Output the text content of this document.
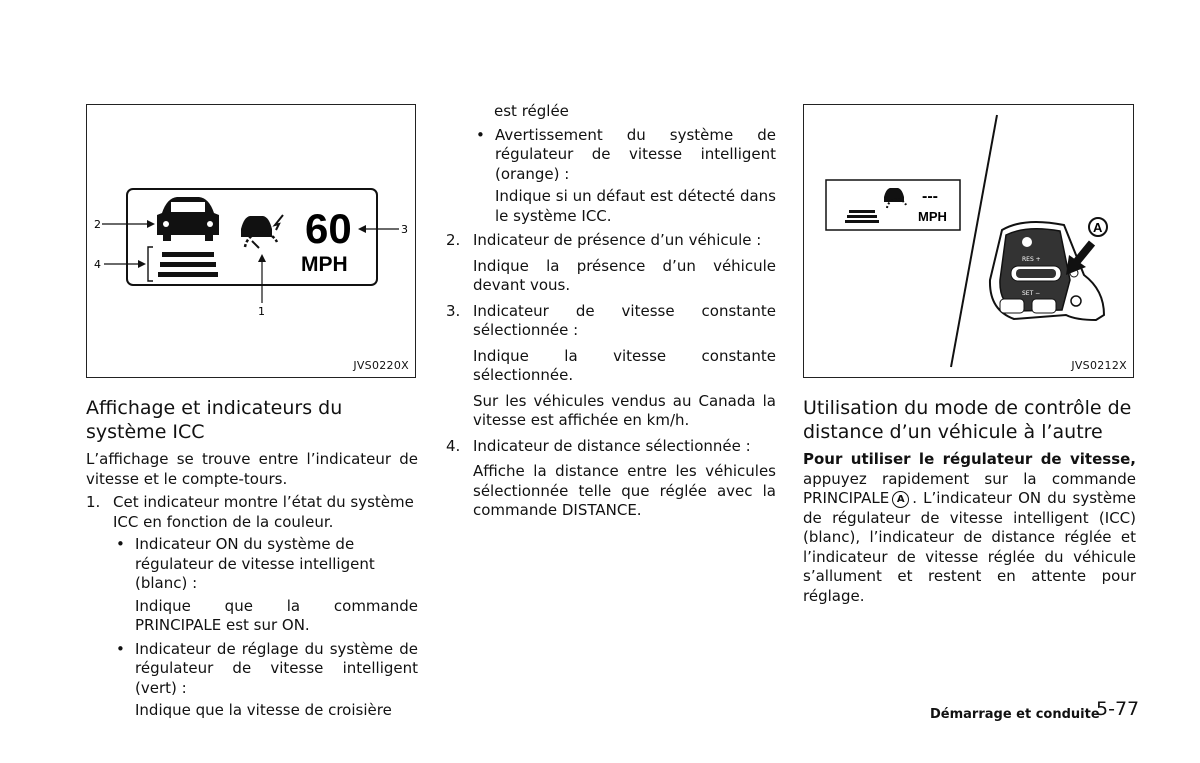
60
MPH
2	3
1
4
JVS0220X
Affichage et indicateurs du système ICC

L’affichage se trouve entre l’indicateur de vitesse et le compte-tours.

1. Cet indicateur montre l’état du système ICC en fonction de la couleur.
• Indicateur ON du système de régulateur de vitesse intelligent (blanc) :

Indique que la commande PRINCIPALE est sur ON.

• Indicateur de réglage du système de régulateur de vitesse intelligent (vert) :

Indique que la vitesse de croisière

est réglée

• Avertissement du système de régulateur de vitesse intelligent (orange) :

Indique si un défaut est détecté dans le système ICC.

2. Indicateur de présence d’un véhicule :

Indique la présence d’un véhicule devant vous.

3. Indicateur de vitesse constante sélectionnée :

Indique la vitesse constante sélectionnée.

Sur les véhicules vendus au Canada la vitesse est affichée en km/h.

4. Indicateur de distance sélectionnée :

Affiche la distance entre les véhicules sélectionnée telle que réglée avec la commande DISTANCE.

---
MPH
RES +
SET −
A
JVS0212X
Utilisation du mode de contrôle de distance d’un véhicule à l’autre

Pour utiliser le régulateur de vitesse, appuyez rapidement sur la commande PRINCIPALE A . L’indicateur ON du système de régulateur de vitesse intelligent (ICC) (blanc), l’indicateur de distance réglée et l’indicateur de vitesse réglée du véhicule s’allument et restent en attente pour réglage.

Démarrage et conduite
5-77
